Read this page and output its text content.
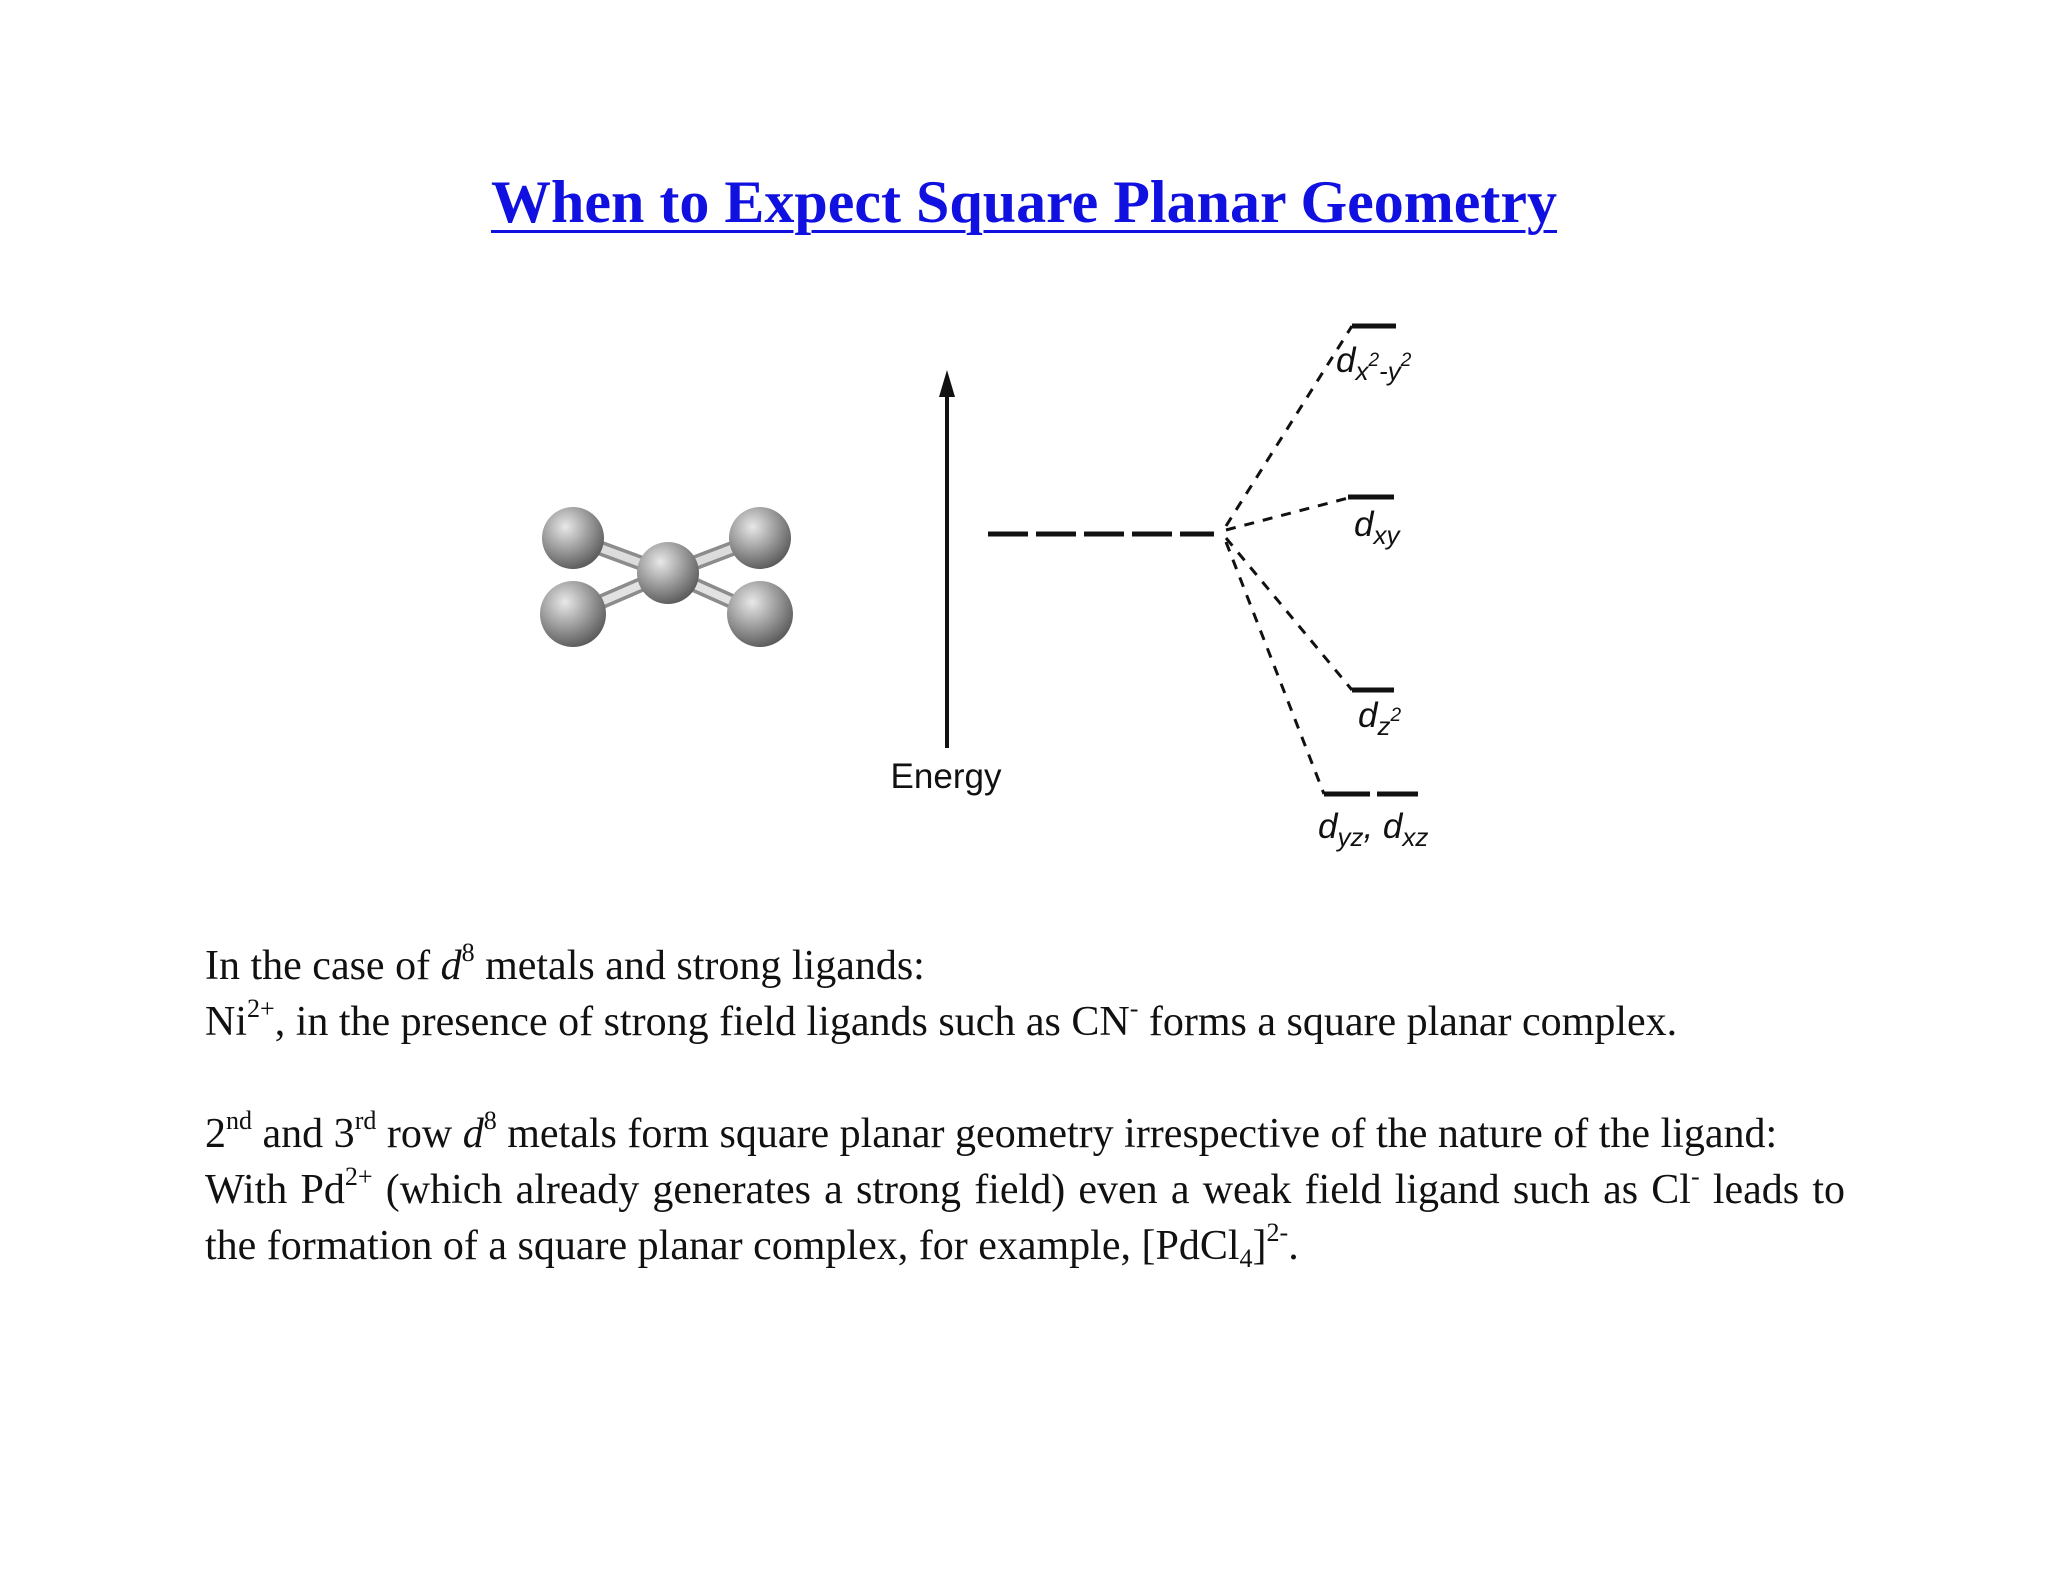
When to Expect Square Planar Geometry
Energy
$d_x^2_{-y}^2$
$d_{xy}$
$d_z^2$
$d_{yz}$, $d_{xz}$

In the case of $d^8$ metals and strong ligands:

$Ni^{2+}$, in the presence of strong field ligands such as CN- forms a square planar complex.

2nd and 3rd row $d^8$ metals form square planar geometry irrespective of the nature of the ligand:

With $Pd^{2+}$ (which already generates a strong field) even a weak field ligand such as Cl- leads to the formation of a square planar complex, for example, [PdCl$_4$]$^{2-}$.
